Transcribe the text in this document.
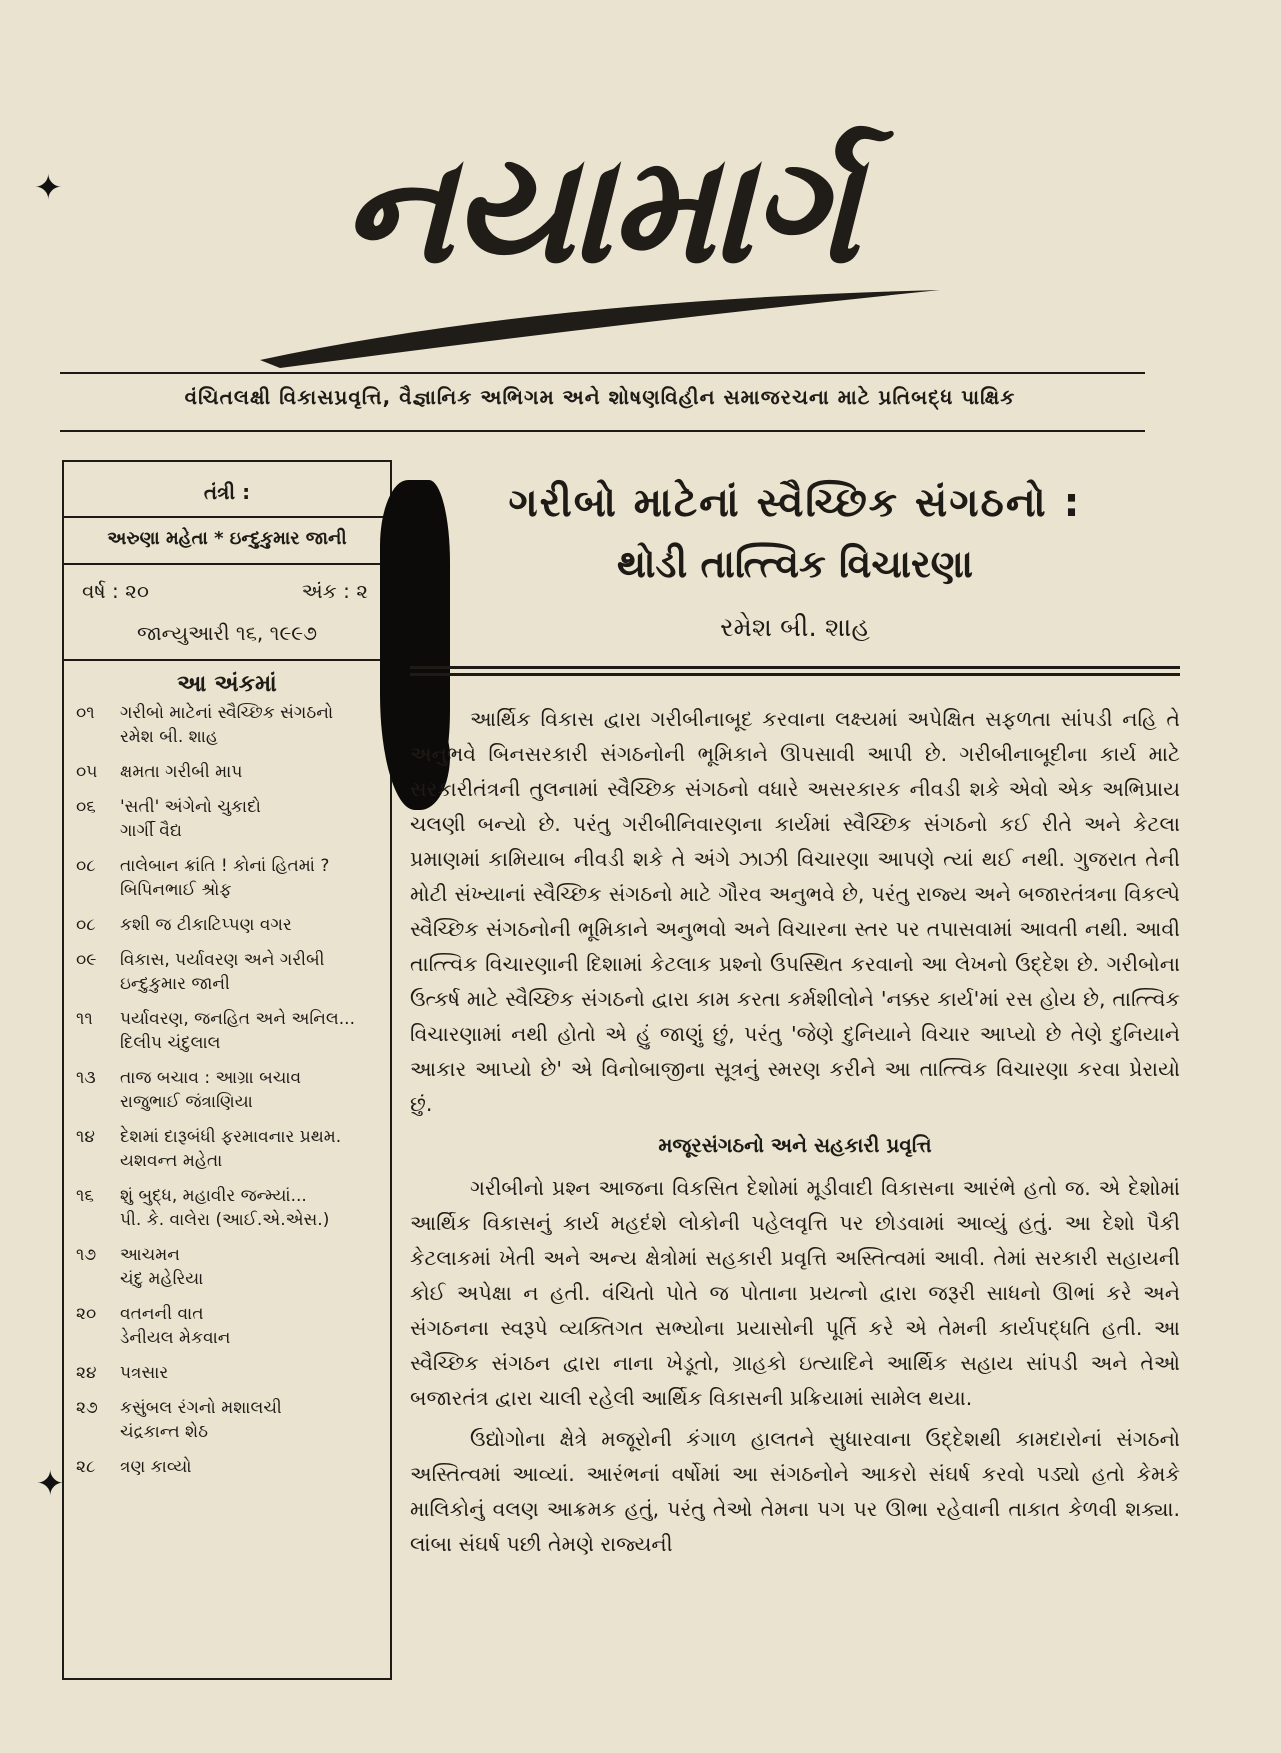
નયામાર્ગ
વંચિતલક્ષી વિકાસપ્રવૃત્તિ, વૈજ્ઞાનિક અભિગમ અને શોષણવિહીન સમાજરચના માટે પ્રતિબદ્ધ પાક્ષિક
તંત્રી :
અરુણા મહેતા * ઇન્દુકુમાર જાની
વર્ષ : ૨૦	અંક : ૨
જાન્યુઆરી ૧૬, ૧૯૯૭
આ અંકમાં
૦૧	ગરીબો માટેનાં સ્વૈચ્છિક સંગઠનો
રમેશ બી. શાહ
૦૫	ક્ષમતા ગરીબી માપ
૦૬	'સતી' અંગેનો ચુકાદો
ગાર્ગી વૈદ્ય
૦૮	તાલેબાન ક્રાંતિ ! કોનાં હિતમાં ?
બિપિનભાઈ શ્રોફ
૦૮	કશી જ ટીકાટિપ્પણ વગર
૦૯	વિકાસ, પર્યાવરણ અને ગરીબી
ઇન્દુકુમાર જાની
૧૧	પર્યાવરણ, જનહિત અને અનિલ...
દિલીપ ચંદુલાલ
૧૩	તાજ બચાવ : આગ્રા બચાવ
રાજુભાઈ જંત્રાણિયા
૧૪	દેશમાં દારૂબંધી ફરમાવનાર પ્રથમ.
યશવન્ત મહેતા
૧૬	શું બુદ્ધ, મહાવીર જન્મ્યાં...
પી. કે. વાલેરા (આઈ.એ.એસ.)
૧૭	આચમન
ચંદુ મહેરિયા
૨૦	વતનની વાત
ડેનીયલ મેકવાન
૨૪	પત્રસાર
૨૭	કસુંબલ રંગનો મશાલચી
ચંદ્રકાન્ત શેઠ
૨૮	ત્રણ કાવ્યો
✦
✦
ગરીબો માટેનાં સ્વૈચ્છિક સંગઠનો :
થોડી તાત્ત્વિક વિચારણા
રમેશ બી. શાહ

આર્થિક વિકાસ દ્વારા ગરીબીનાબૂદ કરવાના લક્ષ્યમાં અપેક્ષિત સફળતા સાંપડી નહિ તે અનુભવે બિનસરકારી સંગઠનોની ભૂમિકાને ઊપસાવી આપી છે. ગરીબીનાબૂદીના કાર્ય માટે સરકારીતંત્રની તુલનામાં સ્વૈચ્છિક સંગઠનો વધારે અસરકારક નીવડી શકે એવો એક અભિપ્રાય ચલણી બન્યો છે. પરંતુ ગરીબીનિવારણના કાર્યમાં સ્વૈચ્છિક સંગઠનો કઈ રીતે અને કેટલા પ્રમાણમાં કામિયાબ નીવડી શકે તે અંગે ઝાઝી વિચારણા આપણે ત્યાં થઈ નથી. ગુજરાત તેની મોટી સંખ્યાનાં સ્વૈચ્છિક સંગઠનો માટે ગૌરવ અનુભવે છે, પરંતુ રાજ્ય અને બજારતંત્રના વિકલ્પે સ્વૈચ્છિક સંગઠનોની ભૂમિકાને અનુભવો અને વિચારના સ્તર પર તપાસવામાં આવતી નથી. આવી તાત્ત્વિક વિચારણાની દિશામાં કેટલાક પ્રશ્નો ઉપસ્થિત કરવાનો આ લેખનો ઉદ્દેશ છે. ગરીબોના ઉત્કર્ષ માટે સ્વૈચ્છિક સંગઠનો દ્વારા કામ કરતા કર્મશીલોને 'નક્કર કાર્ય'માં રસ હોય છે, તાત્ત્વિક વિચારણામાં નથી હોતો એ હું જાણું છું, પરંતુ 'જેણે દુનિયાને વિચાર આપ્યો છે તેણે દુનિયાને આકાર આપ્યો છે' એ વિનોબાજીના સૂત્રનું સ્મરણ કરીને આ તાત્ત્વિક વિચારણા કરવા પ્રેરાયો છું.

મજૂરસંગઠનો અને સહકારી પ્રવૃત્તિ

ગરીબીનો પ્રશ્ન આજના વિકસિત દેશોમાં મૂડીવાદી વિકાસના આરંભે હતો જ. એ દેશોમાં આર્થિક વિકાસનું કાર્ય મહદંશે લોકોની પહેલવૃત્તિ પર છોડવામાં આવ્યું હતું. આ દેશો પૈકી કેટલાકમાં ખેતી અને અન્ય ક્ષેત્રોમાં સહકારી પ્રવૃત્તિ અસ્તિત્વમાં આવી. તેમાં સરકારી સહાયની કોઈ અપેક્ષા ન હતી. વંચિતો પોતે જ પોતાના પ્રયત્નો દ્વારા જરૂરી સાધનો ઊભાં કરે અને સંગઠનના સ્વરૂપે વ્યક્તિગત સભ્યોના પ્રયાસોની પૂર્તિ કરે એ તેમની કાર્યપદ્ધતિ હતી. આ સ્વૈચ્છિક સંગઠન દ્વારા નાના ખેડૂતો, ગ્રાહકો ઇત્યાદિને આર્થિક સહાય સાંપડી અને તેઓ બજારતંત્ર દ્વારા ચાલી રહેલી આર્થિક વિકાસની પ્રક્રિયામાં સામેલ થયા.

ઉદ્યોગોના ક્ષેત્રે મજૂરોની કંગાળ હાલતને સુધારવાના ઉદ્દેશથી કામદારોનાં સંગઠનો અસ્તિત્વમાં આવ્યાં. આરંભનાં વર્ષોમાં આ સંગઠનોને આકરો સંઘર્ષ કરવો પડ્યો હતો કેમકે માલિકોનું વલણ આક્રમક હતું, પરંતુ તેઓ તેમના પગ પર ઊભા રહેવાની તાકાત કેળવી શક્યા. લાંબા સંઘર્ષ પછી તેમણે રાજ્યની
